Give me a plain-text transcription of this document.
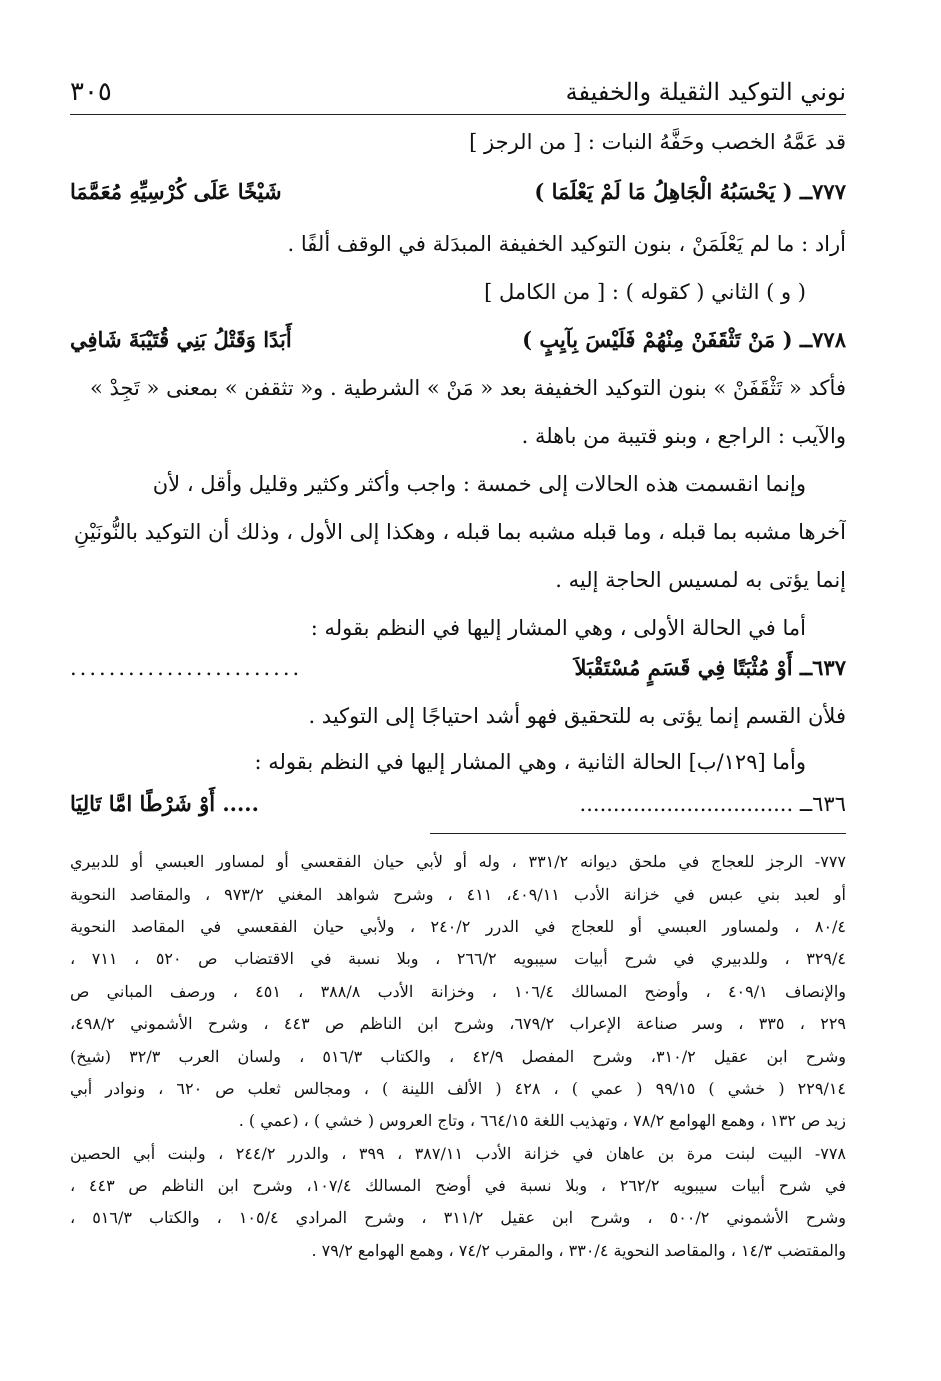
نوني التوكيد الثقيلة والخفيفة
٣٠٥
قد عَمَّهُ الخصب وحَفَّهُ النبات : [ من الرجز ]
٧٧٧ــ ( يَحْسَبُهُ الْجَاهِلُ مَا لَمْ يَعْلَمَا )
شَيْخًا عَلَى كُرْسِيِّهِ مُعَمَّمَا
أراد : ما لم يَعْلَمَنْ ، بنون التوكيد الخفيفة المبدَلة في الوقف ألفًا .
( و ) الثاني ( كقوله ) : [ من الكامل ]
٧٧٨ــ ( مَنْ تَثْقَفَنْ مِنْهُمْ فَلَيْسَ بِآيِبٍ )
أَبَدًا وَقَتْلُ بَنِي قُتَيْبَةَ شَافِي
فأكد « تَثْقَفَنْ » بنون التوكيد الخفيفة بعد « مَنْ » الشرطية . و« تثقفن » بمعنى « تَجِدْ »
والآيب : الراجع ، وبنو قتيبة من باهلة .
وإنما انقسمت هذه الحالات إلى خمسة : واجب وأكثر وكثير وقليل وأقل ، لأن
آخرها مشبه بما قبله ، وما قبله مشبه بما قبله ، وهكذا إلى الأول ، وذلك أن التوكيد بالنُّونَيْنِ
إنما يؤتى به لمسيس الحاجة إليه .
أما في الحالة الأولى ، وهي المشار إليها في النظم بقوله :
٦٣٧ــ أَوْ مُثْبَتًا فِي قَسَمٍ مُسْتَقْبَلاَ
........................
فلأن القسم إنما يؤتى به للتحقيق فهو أشد احتياجًا إلى التوكيد .
وأما [١٢٩/ب] الحالة الثانية ، وهي المشار إليها في النظم بقوله :
٦٣٦ــ ................................
..... أَوْ شَرْطًا امَّا تَالِيَا
٧٧٧- الرجز للعجاج في ملحق ديوانه ٣٣١/٢ ، وله أو لأبي حيان الفقعسي أو لمساور العبسي أو للدبيري
أو لعبد بني عبس في خزانة الأدب ٤٠٩/١١، ٤١١ ، وشرح شواهد المغني ٩٧٣/٢ ، والمقاصد النحوية
٨٠/٤ ، ولمساور العبسي أو للعجاج في الدرر ٢٤٠/٢ ، ولأبي حيان الفقعسي في المقاصد النحوية
٣٢٩/٤ ، وللدبيري في شرح أبيات سيبويه ٢٦٦/٢ ، وبلا نسبة في الاقتضاب ص ٥٢٠ ، ٧١١ ،
والإنصاف ٤٠٩/١ ، وأوضح المسالك ١٠٦/٤ ، وخزانة الأدب ٣٨٨/٨ ، ٤٥١ ، ورصف المباني ص
٢٢٩ ، ٣٣٥ ، وسر صناعة الإعراب ٦٧٩/٢، وشرح ابن الناظم ص ٤٤٣ ، وشرح الأشموني ٤٩٨/٢،
وشرح ابن عقيل ٣١٠/٢، وشرح المفصل ٤٢/٩ ، والكتاب ٥١٦/٣ ، ولسان العرب ٣٢/٣ (شيخ)
٢٢٩/١٤ ( خشي ) ٩٩/١٥ ( عمي ) ، ٤٢٨ ( الألف اللينة ) ، ومجالس ثعلب ص ٦٢٠ ، ونوادر أبي
زيد ص ١٣٢ ، وهمع الهوامع ٧٨/٢ ، وتهذيب اللغة ٦٦٤/١٥ ، وتاج العروس ( خشي ) ، (عمي ) .
٧٧٨- البيت لبنت مرة بن عاهان في خزانة الأدب ٣٨٧/١١ ، ٣٩٩ ، والدرر ٢٤٤/٢ ، ولبنت أبي الحصين
في شرح أبيات سيبويه ٢٦٢/٢ ، وبلا نسبة في أوضح المسالك ١٠٧/٤، وشرح ابن الناظم ص ٤٤٣ ،
وشرح الأشموني ٥٠٠/٢ ، وشرح ابن عقيل ٣١١/٢ ، وشرح المرادي ١٠٥/٤ ، والكتاب ٥١٦/٣ ،
والمقتضب ١٤/٣ ، والمقاصد النحوية ٣٣٠/٤ ، والمقرب ٧٤/٢ ، وهمع الهوامع ٧٩/٢ .
